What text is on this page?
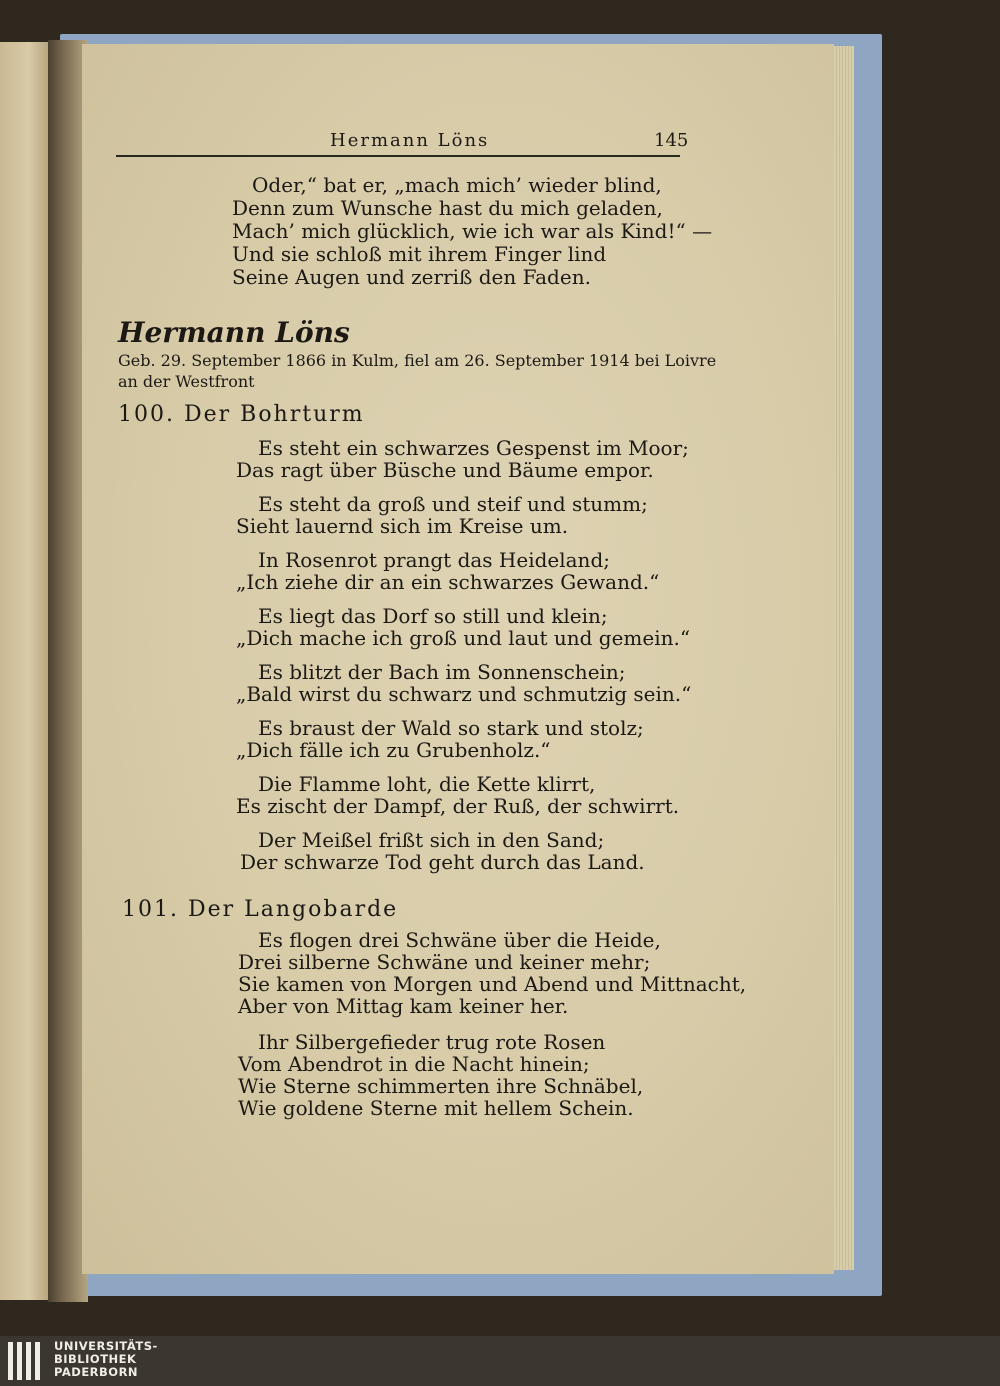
Hermann Löns	145
Oder,“ bat er, „mach mich’ wieder blind,
Denn zum Wunsche hast du mich geladen,
Mach’ mich glücklich, wie ich war als Kind!“ —
Und sie schloß mit ihrem Finger lind
Seine Augen und zerriß den Faden.
Hermann Löns
Geb. 29. September 1866 in Kulm, fiel am 26. September 1914 bei Loivre
an der Westfront
100. Der Bohrturm
Es steht ein schwarzes Gespenst im Moor;
Das ragt über Büsche und Bäume empor.
Es steht da groß und steif und stumm;
Sieht lauernd sich im Kreise um.
In Rosenrot prangt das Heideland;
„Ich ziehe dir an ein schwarzes Gewand.“
Es liegt das Dorf so still und klein;
„Dich mache ich groß und laut und gemein.“
Es blitzt der Bach im Sonnenschein;
„Bald wirst du schwarz und schmutzig sein.“
Es braust der Wald so stark und stolz;
„Dich fälle ich zu Grubenholz.“
Die Flamme loht, die Kette klirrt,
Es zischt der Dampf, der Ruß, der schwirrt.
Der Meißel frißt sich in den Sand;
Der schwarze Tod geht durch das Land.
101. Der Langobarde
Es flogen drei Schwäne über die Heide,
Drei silberne Schwäne und keiner mehr;
Sie kamen von Morgen und Abend und Mittnacht,
Aber von Mittag kam keiner her.
Ihr Silbergefieder trug rote Rosen
Vom Abendrot in die Nacht hinein;
Wie Sterne schimmerten ihre Schnäbel,
Wie goldene Sterne mit hellem Schein.
UNIVERSITÄTS-
BIBLIOTHEK
PADERBORN
